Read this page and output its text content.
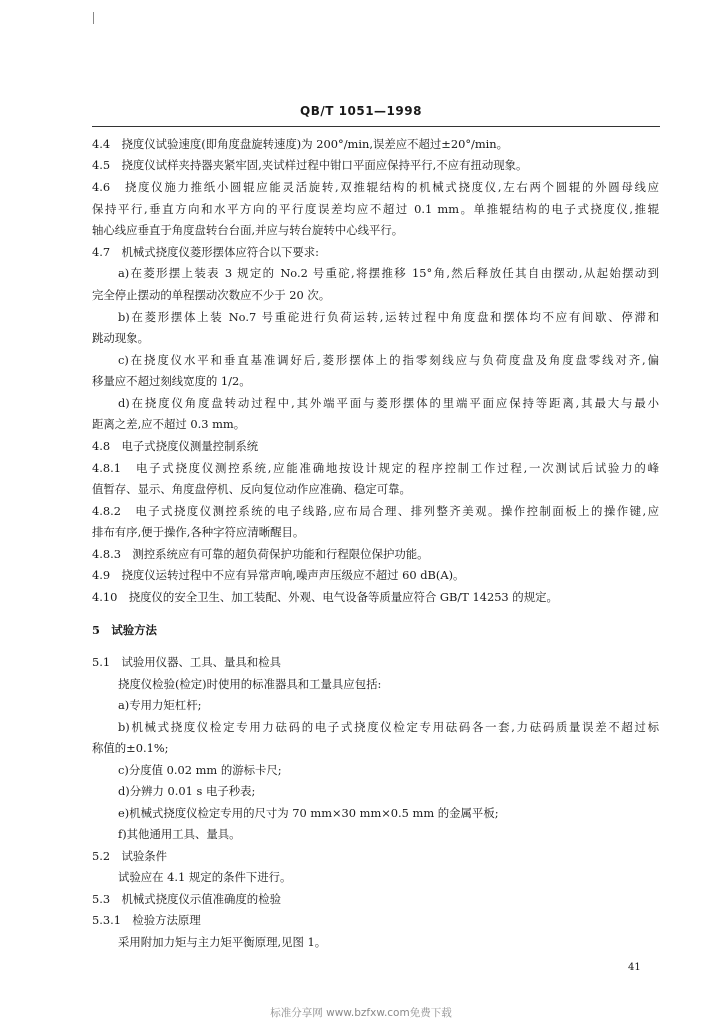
QB/T 1051—1998
4.4　挠度仪试验速度(即角度盘旋转速度)为 200°/min,误差应不超过±20°/min。
4.5　挠度仪试样夹持器夹紧牢固,夹试样过程中钳口平面应保持平行,不应有扭动现象。
4.6　挠度仪施力推纸小圆辊应能灵活旋转,双推辊结构的机械式挠度仪,左右两个圆辊的外圆母线应
保持平行,垂直方向和水平方向的平行度误差均应不超过 0.1 mm。单推辊结构的电子式挠度仪,推辊
轴心线应垂直于角度盘转台台面,并应与转台旋转中心线平行。
4.7　机械式挠度仪菱形摆体应符合以下要求:
a)在菱形摆上装表 3 规定的 No.2 号重砣,将摆推移 15°角,然后释放任其自由摆动,从起始摆动到
完全停止摆动的单程摆动次数应不少于 20 次。
b)在菱形摆体上装 No.7 号重砣进行负荷运转,运转过程中角度盘和摆体均不应有间歇、停滞和
跳动现象。
c)在挠度仪水平和垂直基准调好后,菱形摆体上的指零刻线应与负荷度盘及角度盘零线对齐,偏
移量应不超过刻线宽度的 1/2。
d)在挠度仪角度盘转动过程中,其外端平面与菱形摆体的里端平面应保持等距离,其最大与最小
距离之差,应不超过 0.3 mm。
4.8　电子式挠度仪测量控制系统
4.8.1　电子式挠度仪测控系统,应能准确地按设计规定的程序控制工作过程,一次测试后试验力的峰
值暂存、显示、角度盘停机、反向复位动作应准确、稳定可靠。
4.8.2　电子式挠度仪测控系统的电子线路,应布局合理、排列整齐美观。操作控制面板上的操作键,应
排布有序,便于操作,各种字符应清晰醒目。
4.8.3　测控系统应有可靠的超负荷保护功能和行程限位保护功能。
4.9　挠度仪运转过程中不应有异常声响,噪声声压级应不超过 60 dB(A)。
4.10　挠度仪的安全卫生、加工装配、外观、电气设备等质量应符合 GB/T 14253 的规定。
5　试验方法
5.1　试验用仪器、工具、量具和检具
挠度仪检验(检定)时使用的标准器具和工量具应包括:
a)专用力矩杠杆;
b)机械式挠度仪检定专用力砝码的电子式挠度仪检定专用砝码各一套,力砝码质量误差不超过标
称值的±0.1%;
c)分度值 0.02 mm 的游标卡尺;
d)分辨力 0.01 s 电子秒表;
e)机械式挠度仪检定专用的尺寸为 70 mm×30 mm×0.5 mm 的金属平板;
f)其他通用工具、量具。
5.2　试验条件
试验应在 4.1 规定的条件下进行。
5.3　机械式挠度仪示值准确度的检验
5.3.1　检验方法原理
采用附加力矩与主力矩平衡原理,见图 1。
41
标准分享网 www.bzfxw.com免费下载
